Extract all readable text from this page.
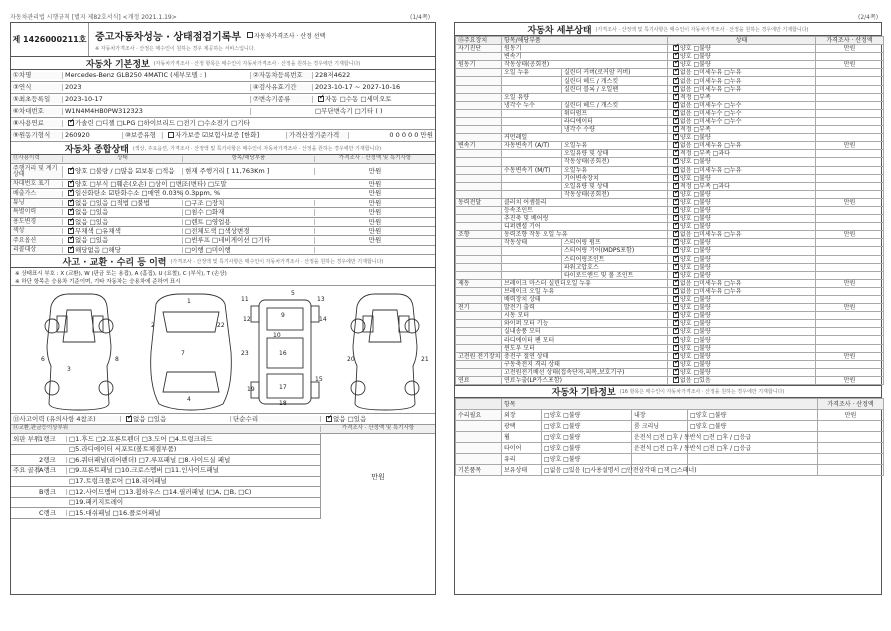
자동차관리법 시행규칙 [별지 제82호서식] <개정 2021.1.19>	(1/4쪽)	(2/4쪽)
제 1426000211호 중고자동차성능 · 상태점검기록부 자동차가격조사 · 산정 선택
※ 자동차가격조사 · 산정은 매수인이 원하는 경우 제공하는 서비스입니다.
자동차 기본정보 (자동차가격조사 · 산정 항목은 매수인이 자동차가격조사 · 산정을 원하는 경우에만 기재합니다)
①차명	Mercedes-Benz GLB250 4MATIC (세부모델 : )	②자동차등록번호	228저4622
③연식	2023	④검사유효기간	2023-10-17 ~ 2027-10-16
⑤최초등록일	2023-10-17	⑦변속기종류 ✓	자동 □수동 □세미오토
⑥차대번호	W1N4M4HB0PW312323	□무단변속기 □기타 ( )
⑧사용연료 ✓	가솔린 □디젤 □LPG □하이브리드 □전기 □수소전기 □기타
⑨원동기형식	260920	⑩보증유형	자가보증 ☑보험사보증 [한화]	가격산정기준가격	0 0 0 0 0 만원
자동차 종합상태 (색상, 주요옵션, 가격조사 · 산정액 및 특기사항은 매수인이 자동차가격조사 · 산정을 원하는 경우에만 기재합니다)
⑪사용이력	상태	항목/해당부품	가격조사 · 산정액 및 특기사항
주행거리 및 계기상태 ✓	양호 □불량 / □많음 ☑보통 □적음	현재 주행거리 [ 11,763Km ]	만원
차대번호 표기 ✓	양호 □부식 □훼손(오손) □상이 □변조(변타) □도말	만원
배출가스 ✓	일산화탄소 ☑탄화수소 □매연 0.03% 0.3ppm, %	만원
튜닝 ✓	없음 □있음 □적법 □불법	□구조 □장치	만원
특별이력 ✓	없음 □있음	□침수 □화재	만원
용도변경 ✓	없음 □있음	□렌트 □영업용	만원
색상 ✓	무채색 □유채색	□전체도색 □색상변경	만원
주요옵션 ✓	없음 □있음	□썬루프 □네비게이션 □기타	만원
리콜대상 ✓	해당없음 □해당	□이행 □미이행
사고 · 교환 · 수리 등 이력 (가격조사 · 산정액 및 특기사항은 매수인이 자동차가격조사 · 산정을 원하는 경우에만 기재합니다)
※ 상태표시 부호 : X (교환), W (판금 또는 용접), A (흠집), U (요철), C (부식), T (손상)
※ 하단 항목은 승용차 기준이며, 기타 자동차는 승용차에 준하여 표시
1
2
3
4
5
6
7
8
9
10
11
12
13
14
15
16
17
18
19
20	21
22
23
⑬사고이력 (유의사항 4참조) ✓	없음 □있음	단순수리 ✓	없음 □있음
⑭교환,판금등이상부위	가격조사 · 산정액 및 특기사항
외판 부위
1랭크	□1.후드 □2.프론트펜더 □3.도어 □4.트렁크리드
□5.라디에이터 서포트(볼트체결부품)
2랭크	□6.쿼터패널(리어펜더) □7.루프패널 □8.사이드실 패널
주요 골격
A랭크	□9.프론트패널 □10.크로스멤버 □11.인사이드패널
□17.트렁크플로어 □18.리어패널
B랭크	□12.사이드멤버 □13.휠하우스 □14.필러패널 (□A, □B, □C)
□19.패키지트레이
C랭크	□15.대쉬패널 □16.플로어패널
만원
자동차 세부상태 (가격조사 · 산정액 및 특기사항은 매수인이 자동차가격조사 · 산정을 원하는 경우에만 기재합니다)
⑮주요장치	항목/해당부품		상태	가격조사 · 산정액
자기진단	원동기	✓양호 □불량	만원
	변속기	✓양호 □불량	
원동기	작동상태(공회전)	✓양호 □불량	만원
	오일 누유	실린더 커버(로커암 커버)	✓없음 □미세누유 □누유	
		실린더 헤드 / 개스킷	✓없음 □미세누유 □누유	
		실린더 블록 / 오일팬	✓없음 □미세누유 □누유	
	오일 유량	✓적정 □부족	
	냉각수 누수	실린더 헤드 / 개스킷	✓없음 □미세누수 □누수	
		워터펌프	✓없음 □미세누수 □누수	
		라디에이터	✓없음 □미세누수 □누수	
		냉각수 수량	✓적정 □부족	
	커먼레일	✓양호 □불량	
변속기	자동변속기 (A/T)	오일누유	✓없음 □미세누유 □누유	만원
		오일유량 및 상태	✓적정 □부족 □과다	
		작동상태(공회전)	✓양호 □불량	
	수동변속기 (M/T)	오일누유	✓없음 □미세누유 □누유	
		기어변속장치	✓양호 □불량	
		오일유량 및 상태	✓적정 □부족 □과다	
		작동상태(공회전)	✓양호 □불량	
동력전달	클러치 어셈블리	✓양호 □불량	만원
	등속조인트	✓양호 □불량	
	추진축 및 베어링	✓양호 □불량	
	디퍼렌셜 기어	✓양호 □불량	
조향	동력조향 작동 오일 누유	✓없음 □미세누유 □누유	만원
	작동상태	스티어링 펌프	✓양호 □불량	
		스티어링 기어(MDPS포함)	✓양호 □불량	
		스티어링조인트	✓양호 □불량	
		파워고압호스	✓양호 □불량	
		타이로드엔드 및 볼 조인트	✓양호 □불량	
제동	브레이크 마스터 실린더오일 누유	✓없음 □미세누유 □누유	만원
	브레이크 오일 누유	✓없음 □미세누유 □누유	
	배력장치 상태	✓양호 □불량	
전기	발전기 출력	✓양호 □불량	만원
	시동 모터	✓양호 □불량	
	와이퍼 모터 기능	✓양호 □불량	
	실내송풍 모터	✓양호 □불량	
	라디에이터 팬 모터	✓양호 □불량	
	윈도우 모터	✓양호 □불량	
고전원 전기장치	충전구 절연 상태	✓양호 □불량	만원
	구동축전지 격리 상태	✓양호 □불량	
	고전원전기배선 상태(접속단자,피복,보호기구)	✓양호 □불량	
연료	연료누출(LP가스포함)	✓없음 □있음	만원
자동차 기타정보 (16 항목은 매수인이 자동차가격조사 · 산정을 원하는 경우에만 기재합니다)
	항목				가격조사 · 산정액
수리필요	외장	□양호 □불량	내장	□양호 □불량	만원
	광택	□양호 □불량	룸 크리닝	□양호 □불량	
	휠	□양호 □불량	운전석 □전 □후 / 동반석 □전 □후 / □응급		
	타이어	□양호 □불량	운전석 □전 □후 / 동반석 □전 □후 / □응급		
	유리	□양호 □불량			
기본품목	보유상태	□없음 □있음 (□사용설명서 □안전삼각대 □잭 □스패너)			
